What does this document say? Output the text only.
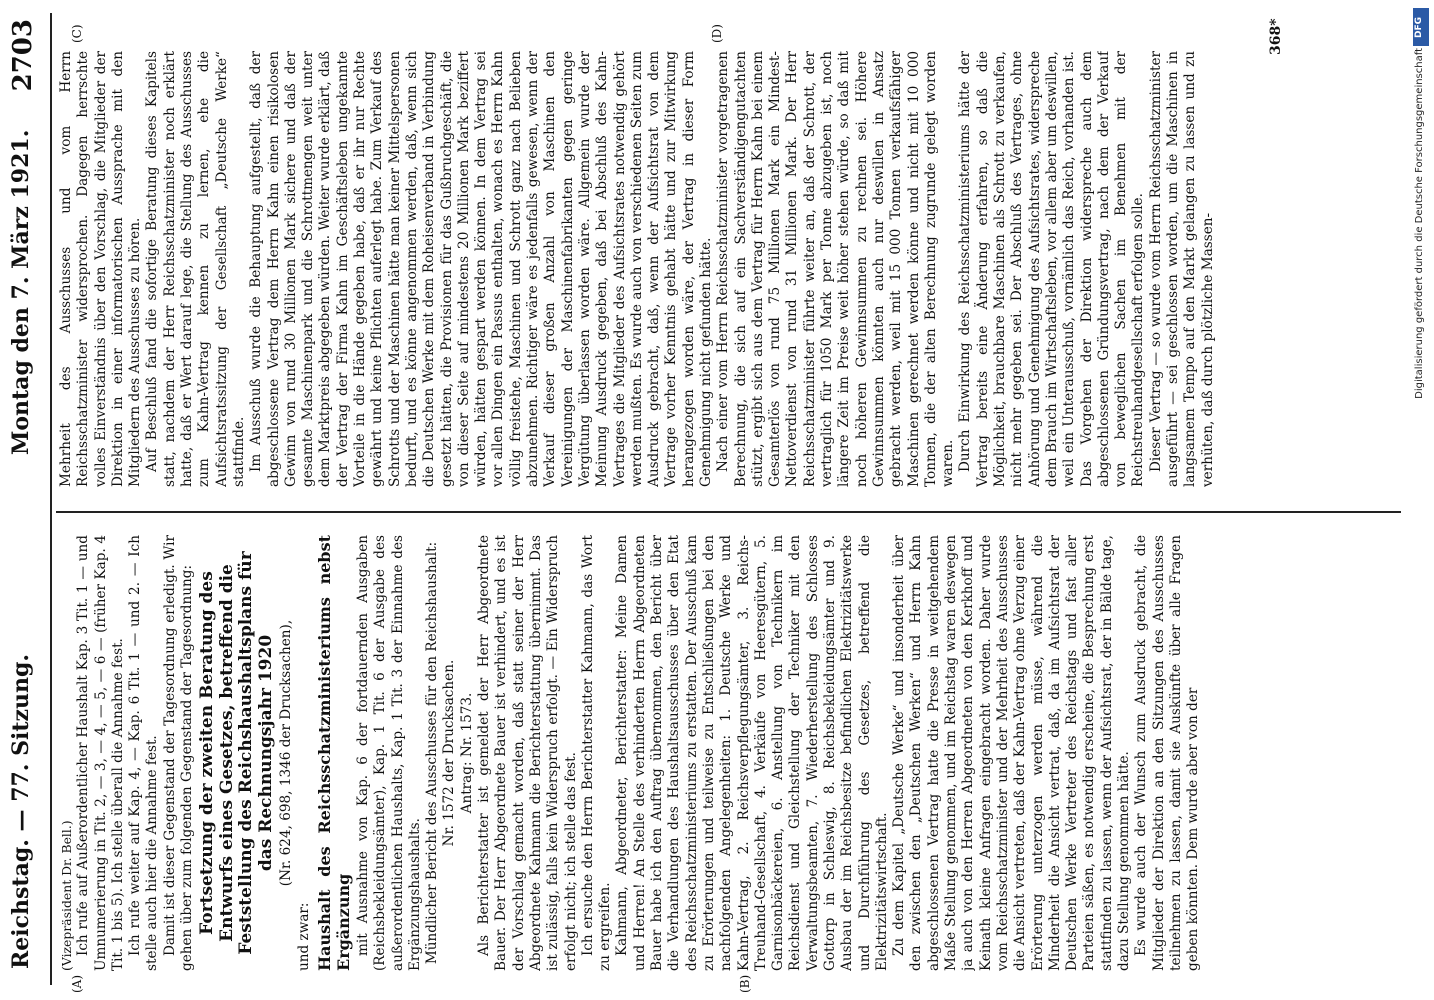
Reichstag. — 77. Sitzung.
Montag den 7. März 1921.
2703
(A)	(B)
(C)	(D)

(Vizepräsident Dr. Bell.) Ich rufe auf Außerordentlicher Haushalt Kap. 3 Tit. 1 — und Umnumerierung in Tit. 2, — 3, — 4, — 5, — 6 — (früher Kap. 4 Tit. 1 bis 5). Ich stelle überall die Annahme fest. Ich rufe weiter auf Kap. 4, — Kap. 6 Tit. 1 — und 2. — Ich stelle auch hier die Annahme fest. Damit ist dieser Gegenstand der Tagesordnung erledigt. Wir gehen über zum folgenden Gegenstand der Tagesordnung: Fortsetzung der zweiten Beratung des Entwurfs eines Gesetzes, betreffend die Feststellung des Reichshaushaltsplans für das Rechnungsjahr 1920 (Nr. 624, 698, 1346 der Drucksachen),

und zwar: Haushalt des Reichsschatzministeriums nebst Ergänzung mit Ausnahme von Kap. 6 der fortdauernden Ausgaben (Reichsbekleidungsämter), Kap. 1 Tit. 6 der Ausgabe des außerordentlichen Haushalts, Kap. 1 Tit. 3 der Einnahme des Ergänzungshaushalts. Mündlicher Bericht des Ausschusses für den Reichshaushalt: Nr. 1572 der Drucksachen. Antrag: Nr. 1573. Als Berichterstatter ist gemeldet der Herr Abgeordnete Bauer. Der Herr Abgeordnete Bauer ist verhindert, und es ist der Vorschlag gemacht worden, daß statt seiner der Herr Abgeordnete Kahmann die Berichterstattung übernimmt. Das ist zulässig, falls kein Widerspruch erfolgt. — Ein Widerspruch erfolgt nicht; ich stelle das fest. Ich ersuche den Herrn Berichterstatter Kahmann, das Wort zu ergreifen. Kahmann, Abgeordneter, Berichterstatter: Meine Damen und Herren! An Stelle des verhinderten Herrn Abgeordneten Bauer habe ich den Auftrag übernommen, den Bericht über die Verhandlungen des Haushaltsausschusses über den Etat des Reichsschatzministeriums zu erstatten. Der Ausschuß kam zu Erörterungen und teilweise zu Entschließungen bei den nachfolgenden Angelegenheiten: 1. Deutsche Werke und Kahn-Vertrag, 2. Reichsverpflegungsämter, 3. Reichs-Treuhand-Gesellschaft, 4. Verkäufe von Heeresgütern, 5. Garnisonbäckereien, 6. Anstellung von Technikern im Reichsdienst und Gleichstellung der Techniker mit den Verwaltungsbeamten, 7. Wiederherstellung des Schlosses Gottorp in Schleswig, 8. Reichsbekleidungsämter und 9. Ausbau der im Reichsbesitze befindlichen Elektrizitätswerke und Durchführung des Gesetzes, betreffend die Elektrizitätswirtschaft. Zu dem Kapitel „Deutsche Werke“ und insonderheit über den zwischen den „Deutschen Werken“ und Herrn Kahn abgeschlossenen Vertrag hatte die Presse in weitgehendem Maße Stellung genommen, und im Reichstag waren deswegen ja auch von den Herren Abgeordneten von den Kerkhoff und Keinath kleine Anfragen eingebracht worden. Daher wurde vom Reichsschatzminister und der Mehrheit des Ausschusses die Ansicht vertreten, daß der Kahn-Vertrag ohne Verzug einer Erörterung unterzogen werden müsse, während die Minderheit die Ansicht vertrat, daß, da im Aufsichtsrat der Deutschen Werke Vertreter des Reichstags und fast aller Parteien säßen, es notwendig erscheine, die Besprechung erst stattfinden zu lassen, wenn der Aufsichtsrat, der in Bälde tage, dazu Stellung genommen hätte. Es wurde auch der Wunsch zum Ausdruck gebracht, die Mitglieder der Direktion an den Sitzungen des Ausschusses teilnehmen zu lassen, damit sie Auskünfte über alle Fragen geben könnten. Dem wurde aber von der

Mehrheit des Ausschusses und vom Herrn Reichsschatzminister widersprochen. Dagegen herrschte volles Einverständnis über den Vorschlag, die Mitglieder der Direktion in einer informatorischen Aussprache mit den Mitgliedern des Ausschusses zu hören. Auf Beschluß fand die sofortige Beratung dieses Kapitels statt, nachdem der Herr Reichsschatzminister noch erklärt hatte, daß er Wert darauf lege, die Stellung des Ausschusses zum Kahn-Vertrag kennen zu lernen, ehe die Aufsichtsratssitzung der Gesellschaft „Deutsche Werke“ stattfinde. Im Ausschuß wurde die Behauptung aufgestellt, daß der abgeschlossene Vertrag dem Herrn Kahn einen risikolosen Gewinn von rund 30 Millionen Mark sichere und daß der gesamte Maschinenpark und die Schrottmengen weit unter dem Marktpreis abgegeben würden. Weiter wurde erklärt, daß der Vertrag der Firma Kahn im Geschäftsleben ungekannte Vorteile in die Hände gegeben habe, daß er ihr nur Rechte gewährt und keine Pflichten auferlegt habe. Zum Verkauf des Schrotts und der Maschinen hätte man keiner Mittelspersonen bedurft, und es könne angenommen werden, daß, wenn sich die Deutschen Werke mit dem Roheisenverband in Verbindung gesetzt hätten, die Provisionen für das Gußbruchgeschäft, die von dieser Seite auf mindestens 20 Millionen Mark beziffert würden, hätten gespart werden können. In dem Vertrag sei vor allen Dingen ein Passus enthalten, wonach es Herrn Kahn völlig freistehe, Maschinen und Schrott ganz nach Belieben abzunehmen. Richtiger wäre es jedenfalls gewesen, wenn der Verkauf dieser großen Anzahl von Maschinen den Vereinigungen der Maschinenfabrikanten gegen geringe Vergütung überlassen worden wäre. Allgemein wurde der Meinung Ausdruck gegeben, daß bei Abschluß des Kahn-Vertrages die Mitglieder des Aufsichtsrates notwendig gehört werden mußten. Es wurde auch von verschiedenen Seiten zum Ausdruck gebracht, daß, wenn der Aufsichtsrat von dem Vertrage vorher Kenntnis gehabt hätte und zur Mitwirkung herangezogen worden wäre, der Vertrag in dieser Form Genehmigung nicht gefunden hätte. Nach einer vom Herrn Reichsschatzminister vorgetragenen Berechnung, die sich auf ein Sachverständigengutachten stützt, ergibt sich aus dem Vertrag für Herrn Kahn bei einem Gesamterlös von rund 75 Millionen Mark ein Mindest-Nettoverdienst von rund 31 Millionen Mark. Der Herr Reichsschatzminister führte weiter an, daß der Schrott, der vertraglich für 1050 Mark per Tonne abzugeben ist, noch längere Zeit im Preise weit höher stehen würde, so daß mit noch höheren Gewinnsummen zu rechnen sei. Höhere Gewinnsummen könnten auch nur deswillen in Ansatz gebracht werden, weil mit 15 000 Tonnen verkaufsfähiger Maschinen gerechnet werden könne und nicht mit 10 000 Tonnen, die der alten Berechnung zugrunde gelegt worden waren. Durch Einwirkung des Reichsschatzministeriums hätte der Vertrag bereits eine Änderung erfahren, so daß die Möglichkeit, brauchbare Maschinen als Schrott zu verkaufen, nicht mehr gegeben sei. Der Abschluß des Vertrages, ohne Anhörung und Genehmigung des Aufsichtsrates, widerspreche dem Brauch im Wirtschaftsleben, vor allem aber um deswillen, weil ein Unterausschuß, vornämlich das Reich, vorhanden ist. Das Vorgehen der Direktion widerspreche auch dem abgeschlossenen Gründungsvertrag, nach dem der Verkauf von beweglichen Sachen im Benehmen mit der Reichstreuhandgesellschaft erfolgen solle. Dieser Vertrag — so wurde vom Herrn Reichsschatzminister ausgeführt — sei geschlossen worden, um die Maschinen in langsamem Tempo auf den Markt gelangen zu lassen und zu verhüten, daß durch plötzliche Massen-

368*	DFG
Digitalisierung gefördert durch die Deutsche Forschungsgemeinschaft
